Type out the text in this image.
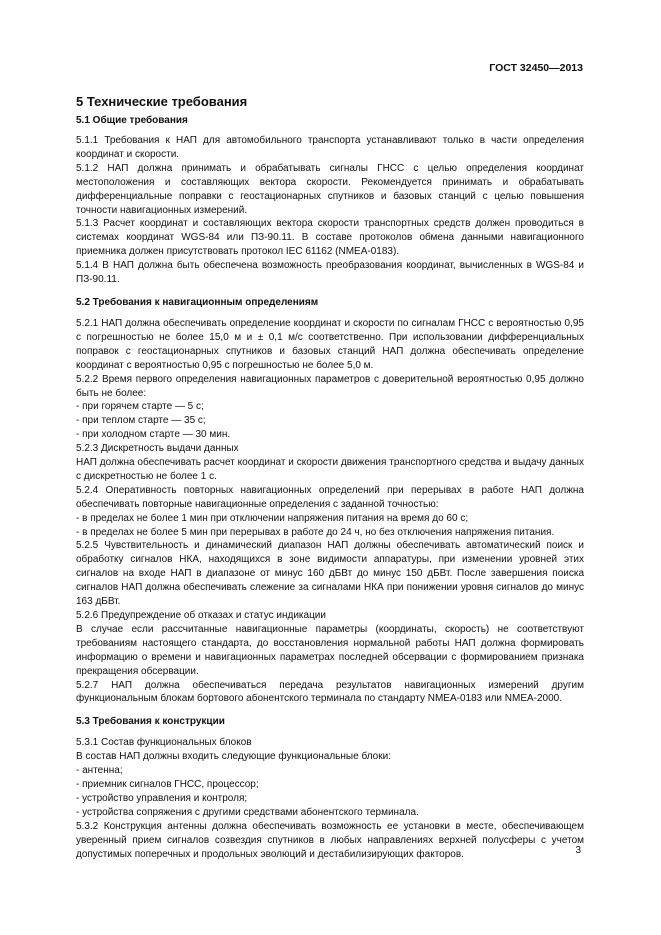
ГОСТ 32450—2013
5 Технические требования
5.1 Общие требования

5.1.1 Требования к НАП для автомобильного транспорта устанавливают только в части определения координат и скорости.

5.1.2 НАП должна принимать и обрабатывать сигналы ГНСС с целью определения координат местоположения и составляющих вектора скорости. Рекомендуется принимать и обрабатывать дифференциальные поправки с геостационарных спутников и базовых станций с целью повышения точности навигационных измерений.

5.1.3 Расчет координат и составляющих вектора скорости транспортных средств должен проводиться в системах координат WGS-84 или ПЗ-90.11. В составе протоколов обмена данными навигационного приемника должен присутствовать протокол IEC 61162 (NMEA-0183).

5.1.4 В НАП должна быть обеспечена возможность преобразования координат, вычисленных в WGS-84 и ПЗ-90.11.

5.2 Требования к навигационным определениям

5.2.1 НАП должна обеспечивать определение координат и скорости по сигналам ГНСС с вероятностью 0,95 с погрешностью не более 15,0 м и ± 0,1 м/с соответственно. При использовании дифференциальных поправок с геостационарных спутников и базовых станций НАП должна обеспечивать определение координат с вероятностью 0,95 с погрешностью не более 5,0 м.

5.2.2 Время первого определения навигационных параметров с доверительной вероятностью 0,95 должно быть не более:

- при горячем старте — 5 с;

- при теплом старте — 35 с;

- при холодном старте — 30 мин.

5.2.3 Дискретность выдачи данных

НАП должна обеспечивать расчет координат и скорости движения транспортного средства и выдачу данных с дискретностью не более 1 с.

5.2.4 Оперативность повторных навигационных определений при перерывах в работе НАП должна обеспечивать повторные навигационные определения с заданной точностью:

- в пределах не более 1 мин при отключении напряжения питания на время до 60 с;

- в пределах не более 5 мин при перерывах в работе до 24 ч, но без отключения напряжения питания.

5.2.5 Чувствительность и динамический диапазон НАП должны обеспечивать автоматический поиск и обработку сигналов НКА, находящихся в зоне видимости аппаратуры, при изменении уровней этих сигналов на входе НАП в диапазоне от минус 160 дБВт до минус 150 дБВт. После завершения поиска сигналов НАП должна обеспечивать слежение за сигналами НКА при понижении уровня сигналов до минус 163 дБВт.

5.2.6 Предупреждение об отказах и статус индикации

В случае если рассчитанные навигационные параметры (координаты, скорость) не соответствуют требованиям настоящего стандарта, до восстановления нормальной работы НАП должна формировать информацию о времени и навигационных параметрах последней обсервации с формированием признака прекращения обсервации.

5.2.7 НАП должна обеспечиваться передача результатов навигационных измерений другим функциональным блокам бортового абонентского терминала по стандарту NMEA-0183 или NMEA-2000.

5.3 Требования к конструкции

5.3.1 Состав функциональных блоков

В состав НАП должны входить следующие функциональные блоки:

- антенна;

- приемник сигналов ГНСС, процессор;

- устройство управления и контроля;

- устройства сопряжения с другими средствами абонентского терминала.

5.3.2 Конструкция антенны должна обеспечивать возможность ее установки в месте, обеспечивающем уверенный прием сигналов созвездия спутников в любых направлениях верхней полусферы с учетом допустимых поперечных и продольных эволюций и дестабилизирующих факторов.	3
